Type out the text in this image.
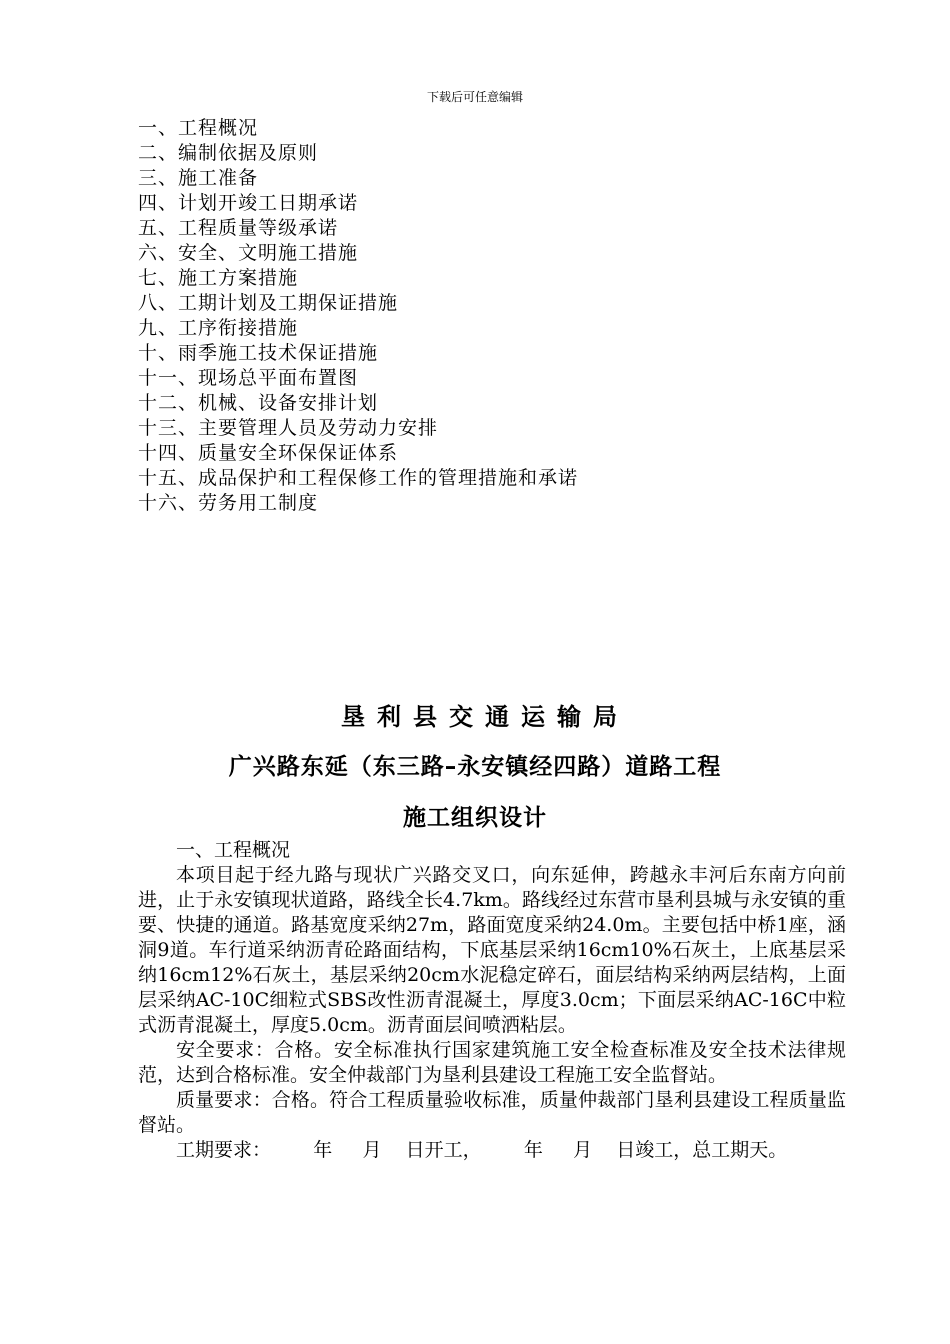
下载后可任意编辑
一、工程概况
二、编制依据及原则
三、施工准备
四、计划开竣工日期承诺
五、工程质量等级承诺
六、安全、文明施工措施
七、施工方案措施
八、工期计划及工期保证措施
九、工序衔接措施
十、雨季施工技术保证措施
十一、现场总平面布置图
十二、机械、设备安排计划
十三、主要管理人员及劳动力安排
十四、质量安全环保保证体系
十五、成品保护和工程保修工作的管理措施和承诺
十六、劳务用工制度
垦利县交通运输局
广兴路东延（东三路–永安镇经四路）道路工程
施工组织设计

一、工程概况

本项目起于经九路与现状广兴路交叉口，向东延伸，跨越永丰河后东南方向前进，止于永安镇现状道路，路线全长4.7km。路线经过东营市垦利县城与永安镇的重要、快捷的通道。路基宽度采纳27m，路面宽度采纳24.0m。主要包括中桥1座，涵洞9道。车行道采纳沥青砼路面结构，下底基层采纳16cm10%石灰土，上底基层采纳16cm12%石灰土，基层采纳20cm水泥稳定碎石，面层结构采纳两层结构，上面层采纳AC-10C细粒式SBS改性沥青混凝土，厚度3.0cm；下面层采纳AC-16C中粒式沥青混凝土，厚度5.0cm。沥青面层间喷洒粘层。

安全要求：合格。安全标准执行国家建筑施工安全检查标准及安全技术法律规范，达到合格标准。安全仲裁部门为垦利县建设工程施工安全监督站。

质量要求：合格。符合工程质量验收标准，质量仲裁部门垦利县建设工程质量监督站。

工期要求：       年     月    日开工，       年     月    日竣工，总工期天。
